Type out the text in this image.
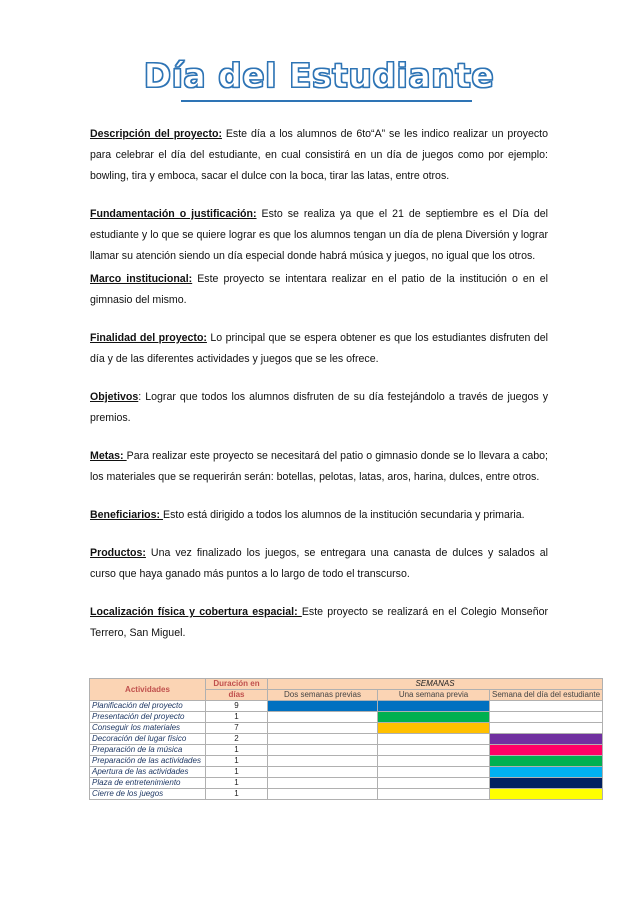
Día del Estudiante

Descripción del proyecto: Este día a los alumnos de 6to“A” se les indico realizar un proyecto para celebrar el día del estudiante, en cual consistirá en un día de juegos como por ejemplo: bowling, tira y emboca, sacar el dulce con la boca, tirar las latas, entre otros.

Fundamentación o justificación: Esto se realiza ya que el 21 de septiembre es el Día del estudiante y lo que se quiere lograr es que los alumnos tengan un día de plena Diversión y lograr llamar su atención siendo un día especial donde habrá música y juegos, no igual que los otros.

Marco institucional: Este proyecto se intentara realizar en el patio de la institución o en el gimnasio del mismo.

Finalidad del proyecto: Lo principal que se espera obtener es que los estudiantes disfruten del día y de las diferentes actividades y juegos que se les ofrece.

Objetivos: Lograr que todos los alumnos disfruten de su día festejándolo a través de juegos y premios.

Metas: Para realizar este proyecto se necesitará del patio o gimnasio donde se lo llevara a cabo; los materiales que se requerirán serán: botellas, pelotas, latas, aros, harina, dulces, entre otros.

Beneficiarios: Esto está dirigido a todos los alumnos de la institución secundaria y primaria.

Productos: Una vez finalizado los juegos, se entregara una canasta de dulces y salados al curso que haya ganado más puntos a lo largo de todo el transcurso.

Localización física y cobertura espacial: Este proyecto se realizará en el Colegio Monseñor Terrero, San Miguel.

Actividades	Duración en	SEMANAS		
	días	Dos semanas previas	Una semana previa	Semana del día del estudiante
Planificación del proyecto	9			
Presentación del proyecto	1			
Conseguir los materiales	7			
Decoración del lugar físico	2			
Preparación de la música	1			
Preparación de las actividades	1			
Apertura de las actividades	1			
Plaza de entretenimiento	1			
Cierre de los juegos	1			
